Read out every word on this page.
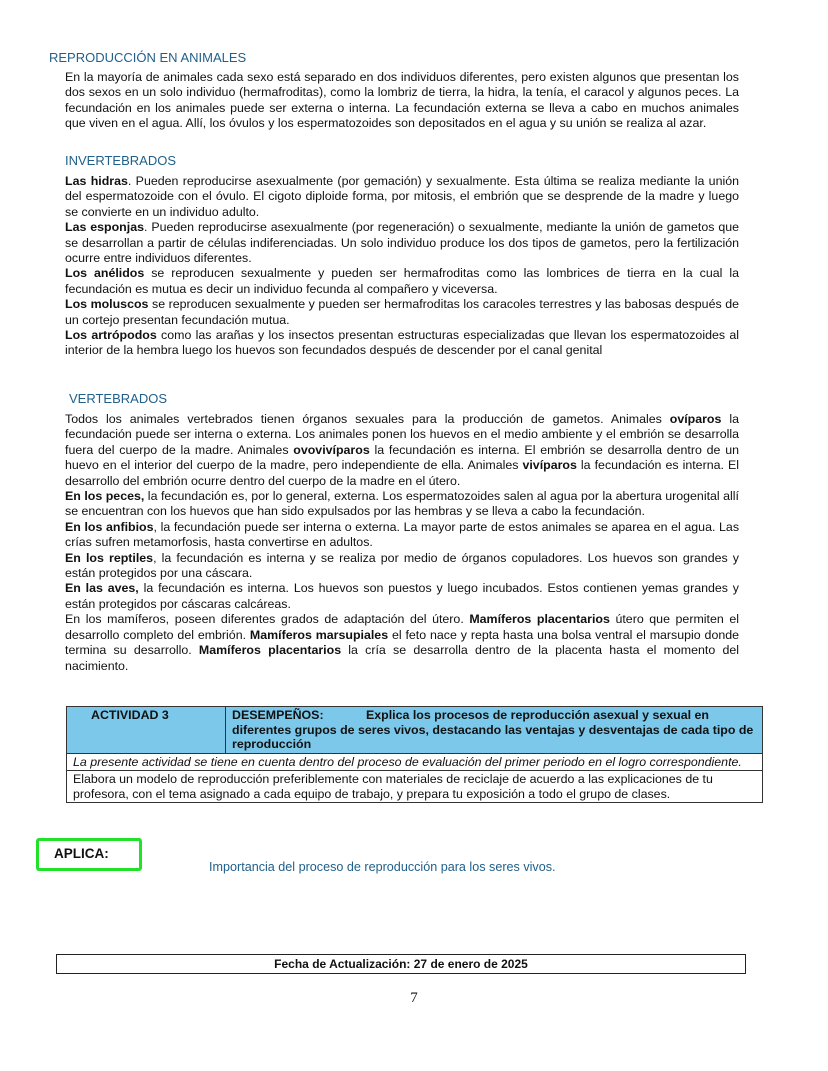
REPRODUCCIÓN EN ANIMALES

En la mayoría de animales cada sexo está separado en dos individuos diferentes, pero existen algunos que presentan los dos sexos en un solo individuo (hermafroditas), como la lombriz de tierra, la hidra, la tenía, el caracol y algunos peces. La fecundación en los animales puede ser externa o interna. La fecundación externa se lleva a cabo en muchos animales que viven en el agua. Allí, los óvulos y los espermatozoides son depositados en el agua y su unión se realiza al azar.

INVERTEBRADOS

Las hidras. Pueden reproducirse asexualmente (por gemación) y sexualmente. Esta última se realiza mediante la unión del espermatozoide con el óvulo. El cigoto diploide forma, por mitosis, el embrión que se desprende de la madre y luego se convierte en un individuo adulto.

Las esponjas. Pueden reproducirse asexualmente (por regeneración) o sexualmente, mediante la unión de gametos que se desarrollan a partir de células indiferenciadas. Un solo individuo produce los dos tipos de gametos, pero la fertilización ocurre entre individuos diferentes.

Los anélidos se reproducen sexualmente y pueden ser hermafroditas como las lombrices de tierra en la cual la fecundación es mutua es decir un individuo fecunda al compañero y viceversa.

Los moluscos se reproducen sexualmente y pueden ser hermafroditas los caracoles terrestres y las babosas después de un cortejo presentan fecundación mutua.

Los artrópodos como las arañas y los insectos presentan estructuras especializadas que llevan los espermatozoides al interior de la hembra luego los huevos son fecundados después de descender por el canal genital

VERTEBRADOS

Todos los animales vertebrados tienen órganos sexuales para la producción de gametos. Animales ovíparos la fecundación puede ser interna o externa. Los animales ponen los huevos en el medio ambiente y el embrión se desarrolla fuera del cuerpo de la madre. Animales ovovivíparos la fecundación es interna. El embrión se desarrolla dentro de un huevo en el interior del cuerpo de la madre, pero independiente de ella. Animales vivíparos la fecundación es interna. El desarrollo del embrión ocurre dentro del cuerpo de la madre en el útero.

En los peces, la fecundación es, por lo general, externa. Los espermatozoides salen al agua por la abertura urogenital allí se encuentran con los huevos que han sido expulsados por las hembras y se lleva a cabo la fecundación.

En los anfibios, la fecundación puede ser interna o externa. La mayor parte de estos animales se aparea en el agua. Las crías sufren metamorfosis, hasta convertirse en adultos.

En los reptiles, la fecundación es interna y se realiza por medio de órganos copuladores. Los huevos son grandes y están protegidos por una cáscara.

En las aves, la fecundación es interna. Los huevos son puestos y luego incubados. Estos contienen yemas grandes y están protegidos por cáscaras calcáreas.

En los mamíferos, poseen diferentes grados de adaptación del útero. Mamíferos placentarios útero que permiten el desarrollo completo del embrión. Mamíferos marsupiales el feto nace y repta hasta una bolsa ventral el marsupio donde termina su desarrollo. Mamíferos placentarios la cría se desarrolla dentro de la placenta hasta el momento del nacimiento.

ACTIVIDAD 3	DESEMPEÑOS:	Explica los procesos de reproducción asexual y sexual en diferentes grupos de seres vivos, destacando las ventajas y desventajas de cada tipo de reproducción
La presente actividad se tiene en cuenta dentro del proceso de evaluación del primer periodo en el logro correspondiente.
Elabora un modelo de reproducción preferiblemente con materiales de reciclaje de acuerdo a las explicaciones de tu profesora, con el tema asignado a cada equipo de trabajo, y prepara tu exposición a todo el grupo de clases.
APLICA:
Importancia del proceso de reproducción para los seres vivos.
Fecha de Actualización: 27 de enero de 2025
7
